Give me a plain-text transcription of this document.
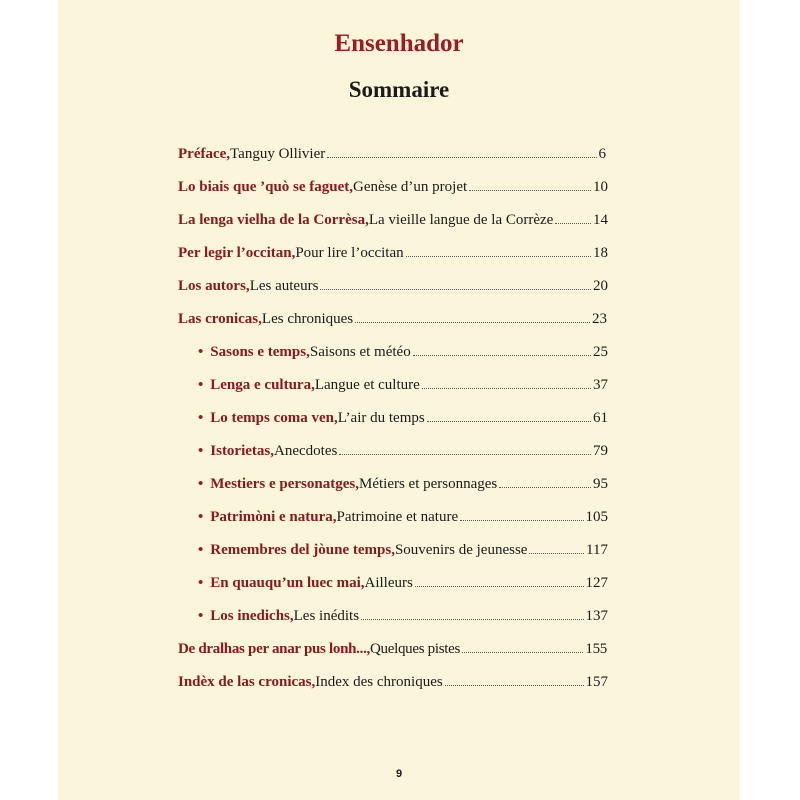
Ensenhador
Sommaire
Préface, Tanguy Ollivier	6
Lo biais que ’quò se faguet, Genèse d’un projet	10
La lenga vielha de la Corrèsa, La vieille langue de la Corrèze	14
Per legir l’occitan, Pour lire l’occitan	18
Los autors, Les auteurs	20
Las cronicas, Les chroniques	23
• Sasons e temps, Saisons et météo	25
• Lenga e cultura, Langue et culture	37
• Lo temps coma ven, L’air du temps	61
• Istorietas, Anecdotes	79
• Mestiers e personatges, Métiers et personnages	95
• Patrimòni e natura, Patrimoine et nature	105
• Remembres del jòune temps, Souvenirs de jeunesse	117
• En quauqu’un luec mai, Ailleurs	127
• Los inedichs, Les inédits	137
De dralhas per anar pus lonh..., Quelques pistes	155
Indèx de las cronicas, Index des chroniques	157
9
